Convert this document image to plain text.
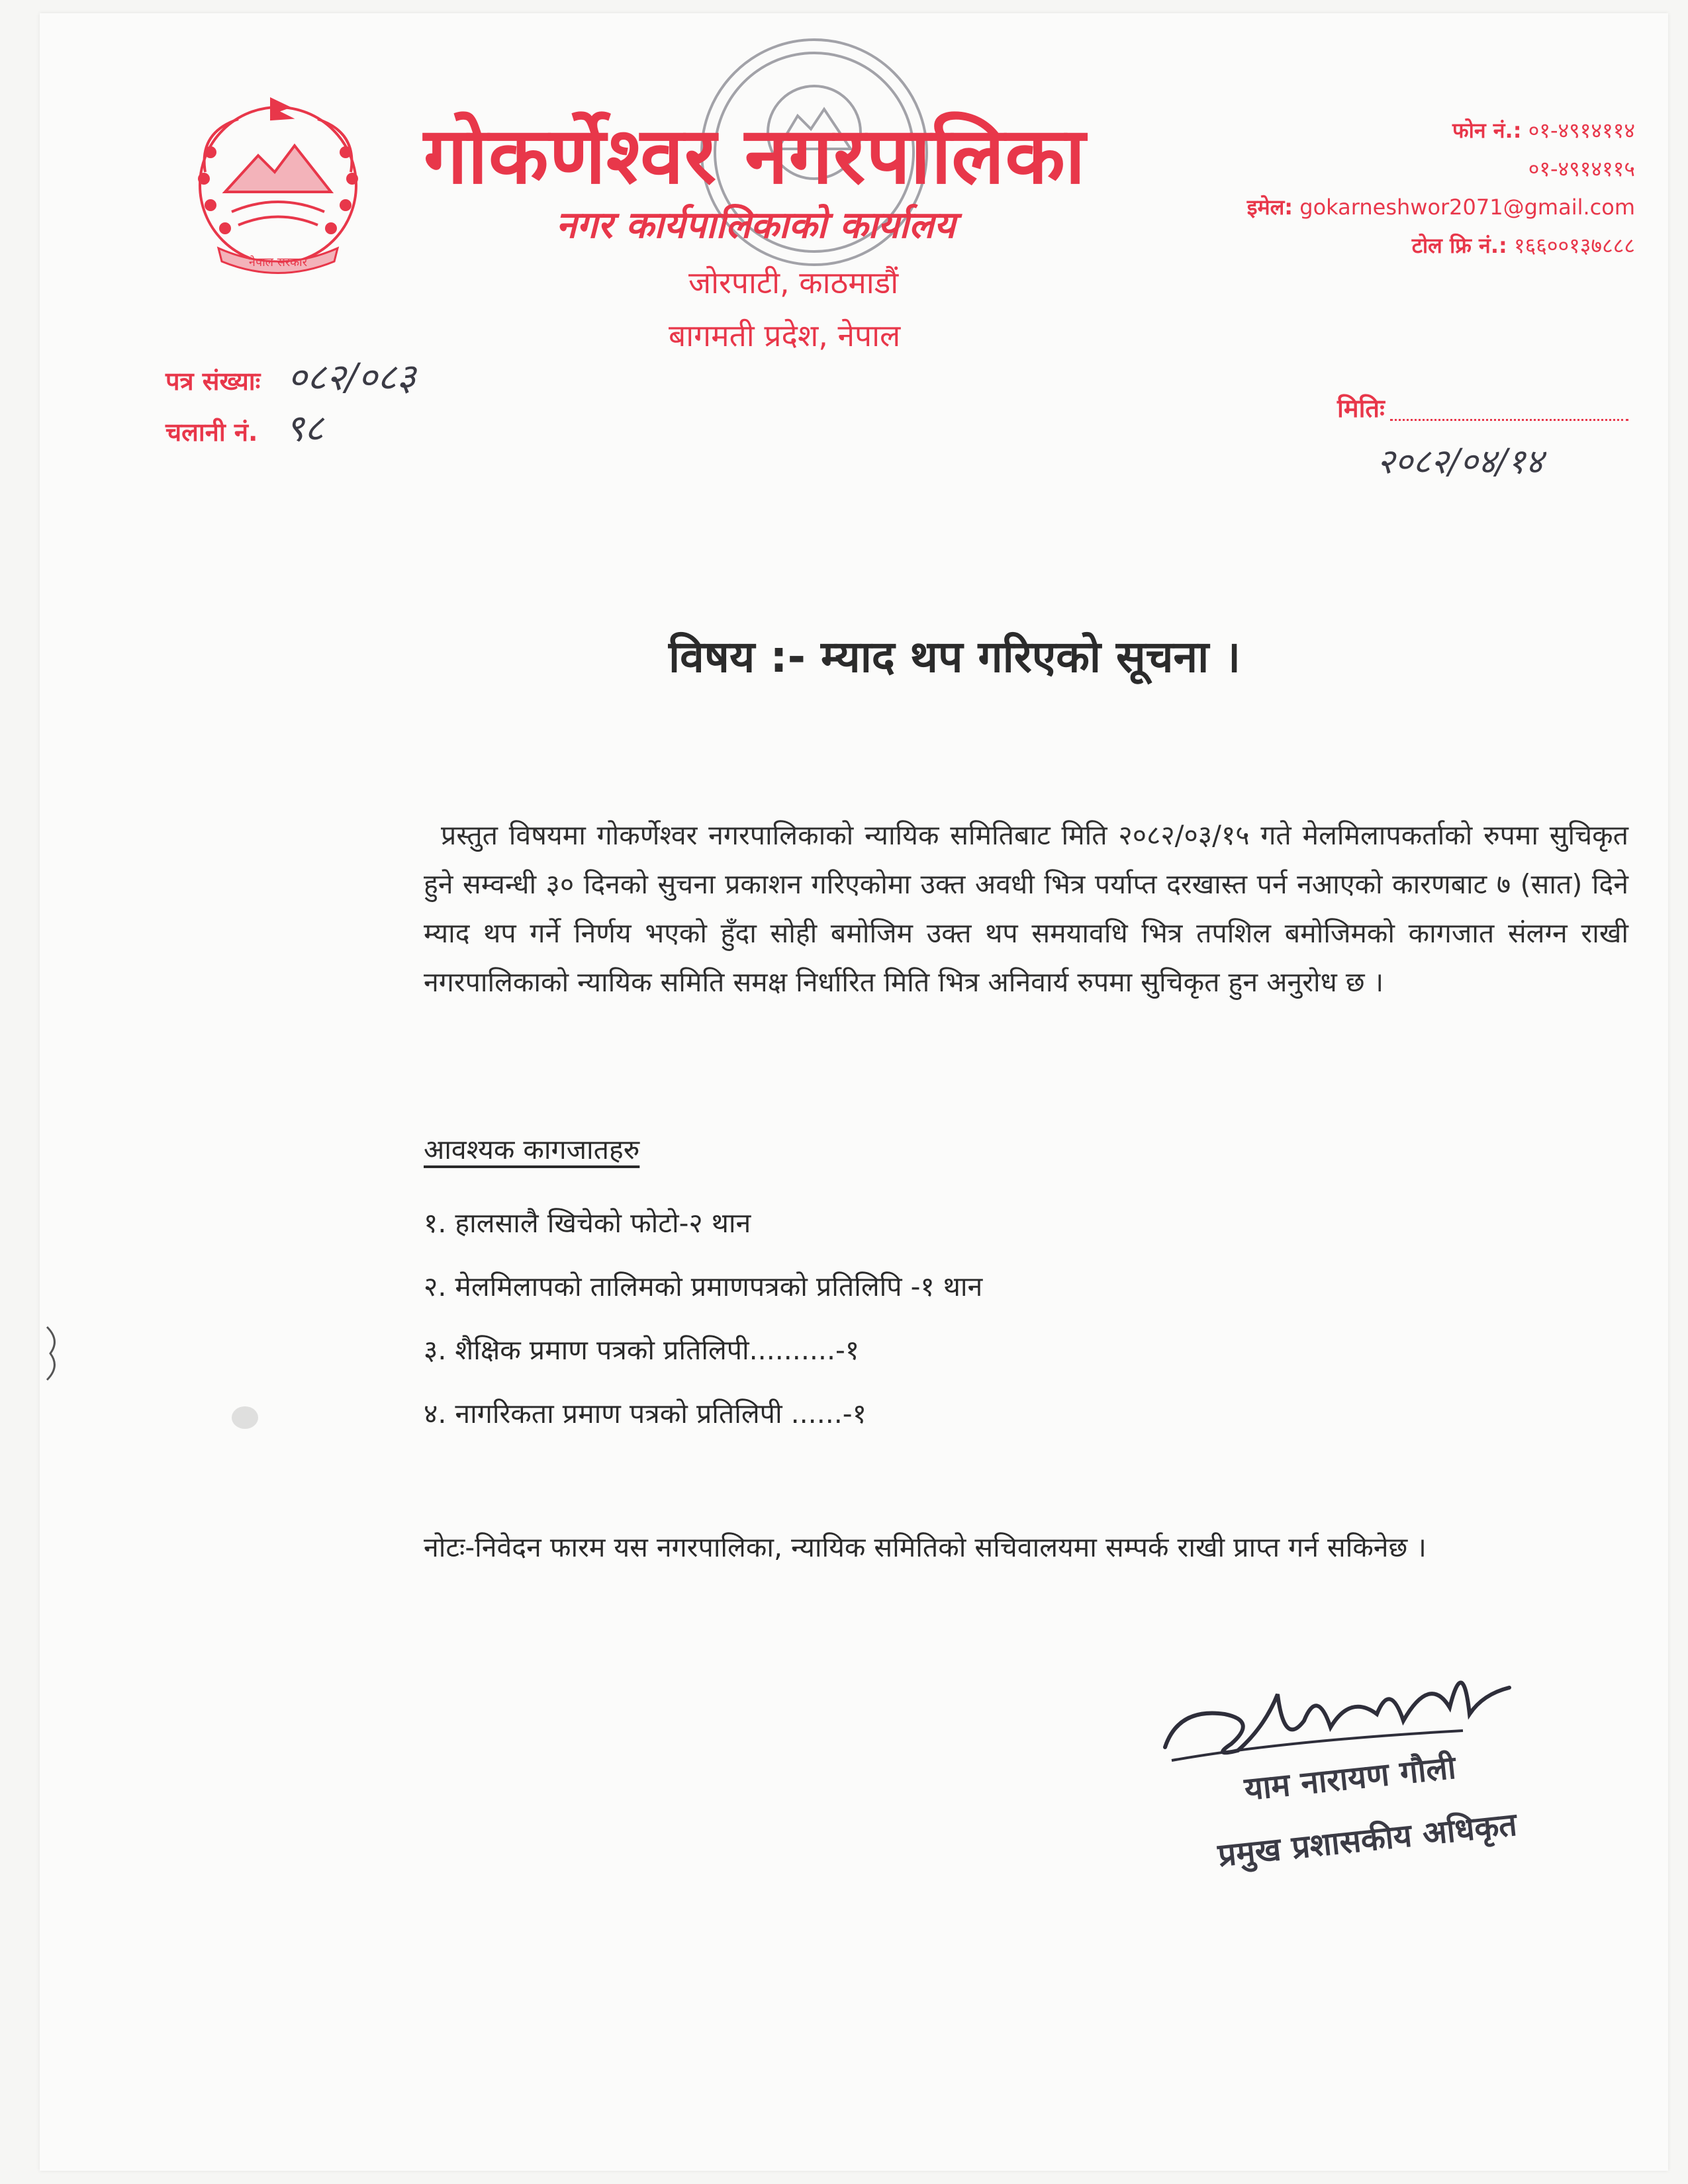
नेपाल सरकार
गोकर्णेश्वर नगरपालिका
नगर कार्यपालिकाको कार्यालय
जोरपाटी, काठमाडौं
बागमती प्रदेश, नेपाल
फोन नं.: ०१-४९१४११४
०१-४९१४११५
इमेल: gokarneshwor2071@gmail.com
टोल फ्रि नं.: १६६००१३७८८८
पत्र संख्याः ०८२/०८३
चलानी नं. ९८	मितिः
२०८२/०४/१४
विषय :- म्याद थप गरिएको सूचना ।
प्रस्तुत विषयमा गोकर्णेश्वर नगरपालिकाको न्यायिक समितिबाट मिति २०८२/०३/१५ गते मेलमिलापकर्ताको रुपमा सुचिकृत हुने सम्वन्धी ३० दिनको सुचना प्रकाशन गरिएकोमा उक्त अवधी भित्र पर्याप्त दरखास्त पर्न नआएको कारणबाट ७ (सात) दिने म्याद थप गर्ने निर्णय भएको हुँदा सोही बमोजिम उक्त थप समयावधि भित्र तपशिल बमोजिमको कागजात संलग्न राखी नगरपालिकाको न्यायिक समिति समक्ष निर्धारित मिति भित्र अनिवार्य रुपमा सुचिकृत हुन अनुरोध छ ।
आवश्यक कागजातहरु
१. हालसालै खिचेको फोटो-२ थान
२. मेलमिलापको तालिमको प्रमाणपत्रको प्रतिलिपि -१ थान
३. शैक्षिक प्रमाण पत्रको प्रतिलिपी..........-१
४. नागरिकता प्रमाण पत्रको प्रतिलिपी ......-१
नोटः-निवेदन फारम यस नगरपालिका, न्यायिक समितिको सचिवालयमा सम्पर्क राखी प्राप्त गर्न सकिनेछ ।
याम नारायण गौली
प्रमुख प्रशासकीय अधिकृत
